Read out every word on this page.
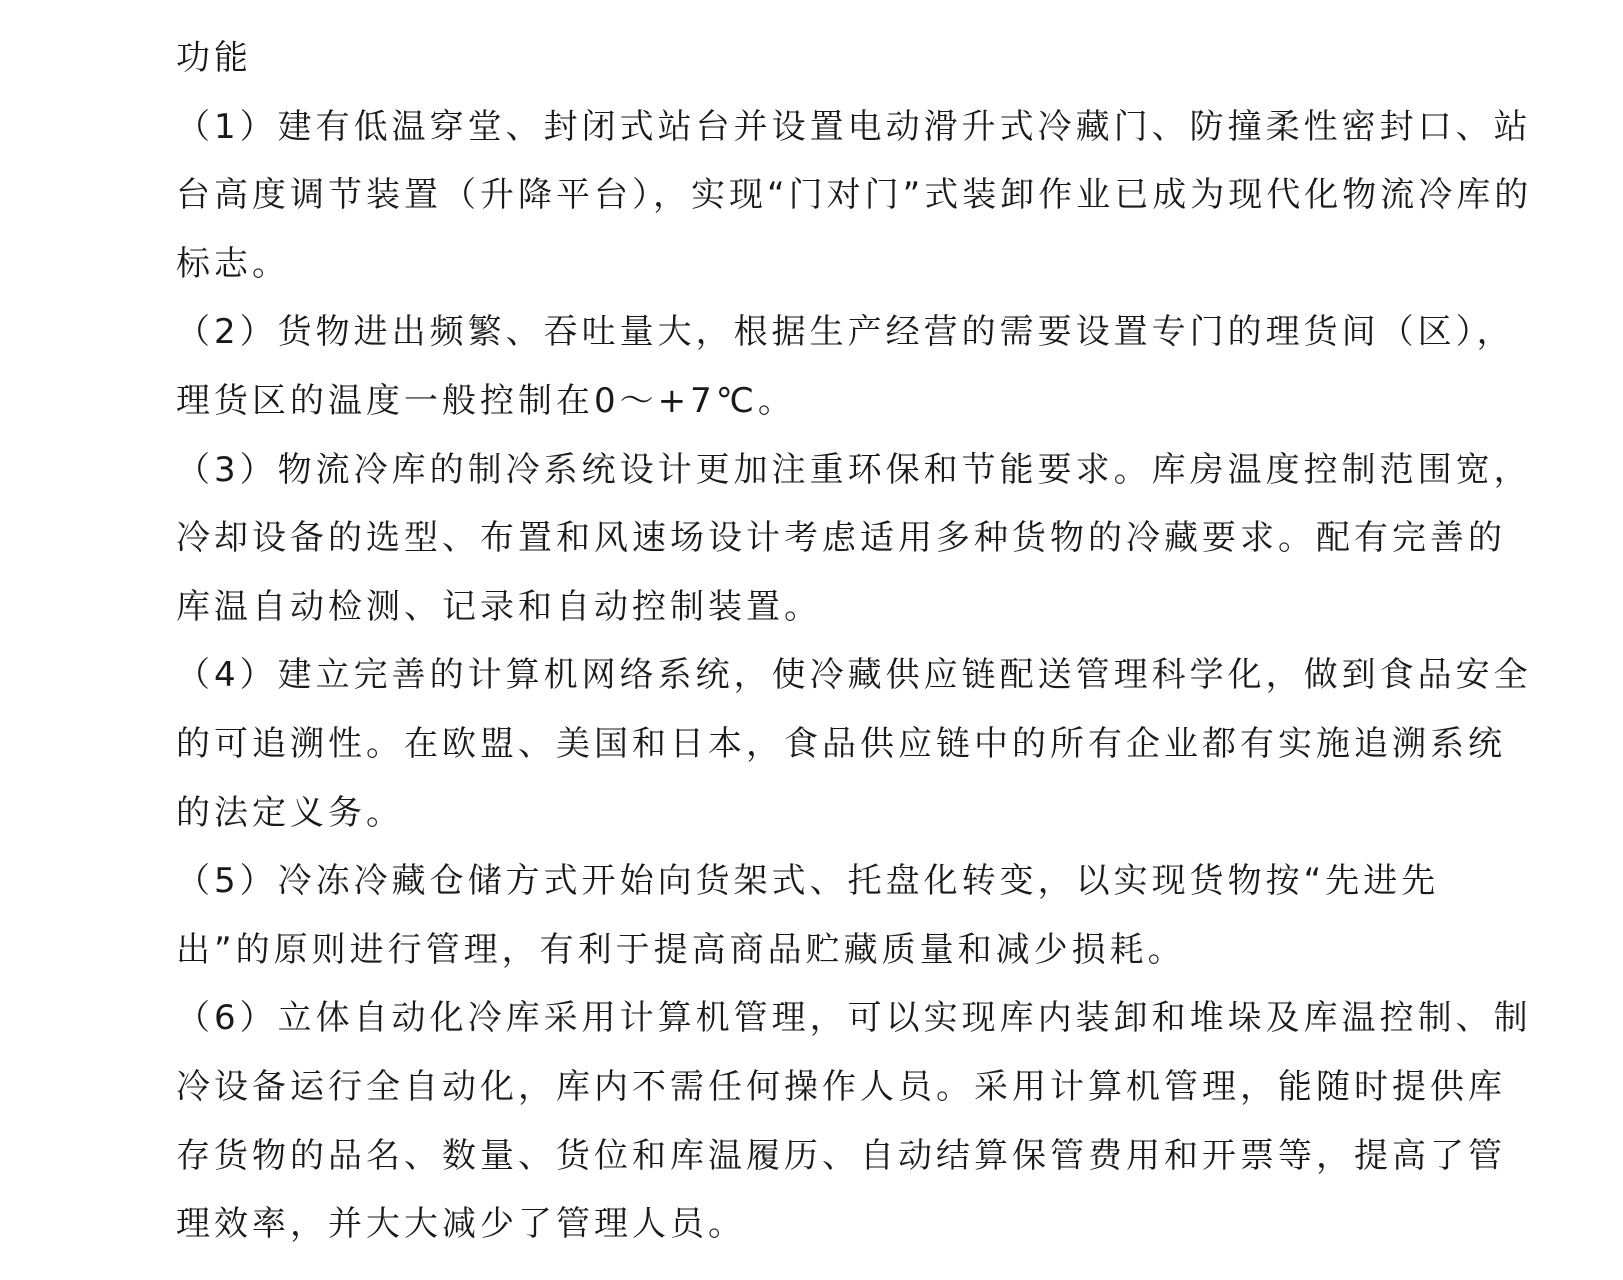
功能

（1）建有低温穿堂、封闭式站台并设置电动滑升式冷藏门、防撞柔性密封口、站台高度调节装置（升降平台），实现“门对门”式装卸作业已成为现代化物流冷库的标志。

（2）货物进出频繁、吞吐量大，根据生产经营的需要设置专门的理货间（区），理货区的温度一般控制在0～+7℃。

（3）物流冷库的制冷系统设计更加注重环保和节能要求。库房温度控制范围宽，冷却设备的选型、布置和风速场设计考虑适用多种货物的冷藏要求。配有完善的库温自动检测、记录和自动控制装置。

（4）建立完善的计算机网络系统，使冷藏供应链配送管理科学化，做到食品安全的可追溯性。在欧盟、美国和日本，食品供应链中的所有企业都有实施追溯系统的法定义务。

（5）冷冻冷藏仓储方式开始向货架式、托盘化转变，以实现货物按“先进先出”的原则进行管理，有利于提高商品贮藏质量和减少损耗。

（6）立体自动化冷库采用计算机管理，可以实现库内装卸和堆垛及库温控制、制冷设备运行全自动化，库内不需任何操作人员。采用计算机管理，能随时提供库存货物的品名、数量、货位和库温履历、自动结算保管费用和开票等，提高了管理效率，并大大减少了管理人员。
